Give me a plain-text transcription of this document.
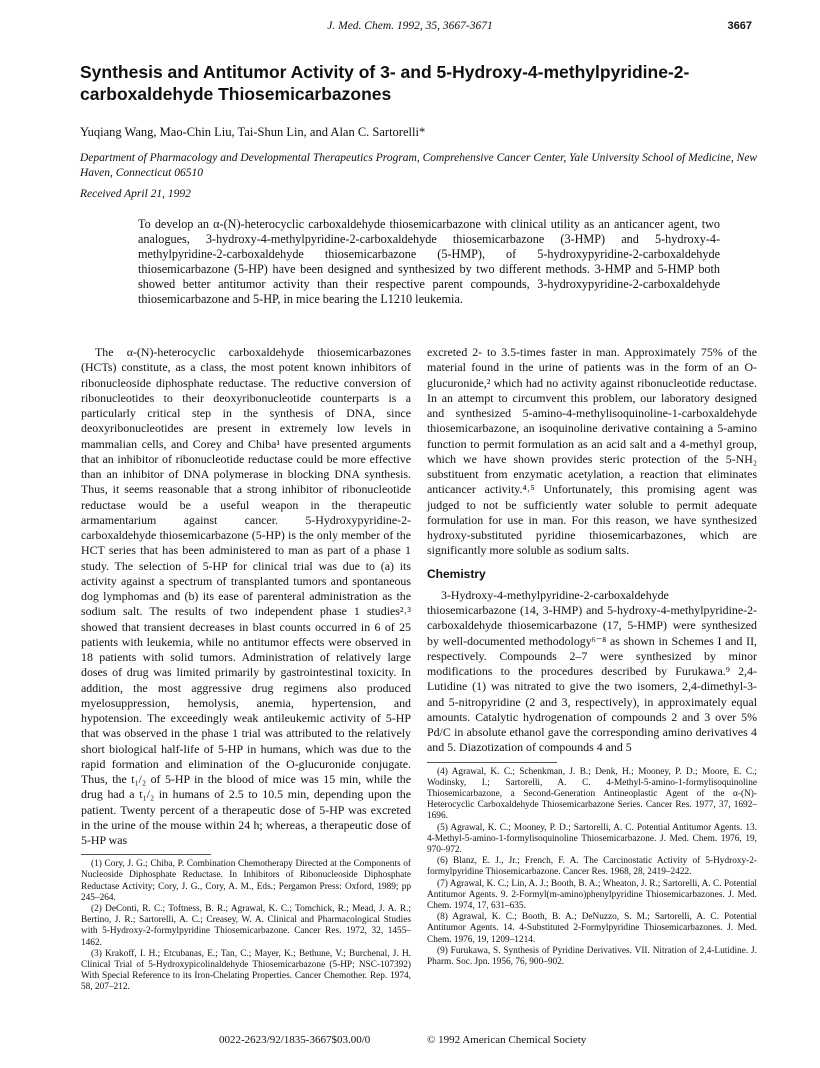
J. Med. Chem. 1992, 35, 3667-3671	3667
Synthesis and Antitumor Activity of 3- and 5-Hydroxy-4-methylpyridine-2-carboxaldehyde Thiosemicarbazones
Yuqiang Wang, Mao-Chin Liu, Tai-Shun Lin, and Alan C. Sartorelli*
Department of Pharmacology and Developmental Therapeutics Program, Comprehensive Cancer Center, Yale University School of Medicine, New Haven, Connecticut 06510
Received April 21, 1992

To develop an α-(N)-heterocyclic carboxaldehyde thiosemicarbazone with clinical utility as an anticancer agent, two analogues, 3-hydroxy-4-methylpyridine-2-carboxaldehyde thiosemicarbazone (3-HMP) and 5-hydroxy-4-methylpyridine-2-carboxaldehyde thiosemicarbazone (5-HMP), of 5-hydroxypyridine-2-carboxaldehyde thiosemicarbazone (5-HP) have been designed and synthesized by two different methods. 3-HMP and 5-HMP both showed better antitumor activity than their respective parent compounds, 3-hydroxypyridine-2-carboxaldehyde thiosemicarbazone and 5-HP, in mice bearing the L1210 leukemia.

The α-(N)-heterocyclic carboxaldehyde thiosemicarbazones (HCTs) constitute, as a class, the most potent known inhibitors of ribonucleoside diphosphate reductase. The reductive conversion of ribonucleotides to their deoxyribonucleotide counterparts is a particularly critical step in the synthesis of DNA, since deoxyribonucleotides are present in extremely low levels in mammalian cells, and Corey and Chiba¹ have presented arguments that an inhibitor of ribonucleotide reductase could be more effective than an inhibitor of DNA polymerase in blocking DNA synthesis. Thus, it seems reasonable that a strong inhibitor of ribonucleotide reductase would be a useful weapon in the therapeutic armamentarium against cancer. 5-Hydroxypyridine-2-carboxaldehyde thiosemicarbazone (5-HP) is the only member of the HCT series that has been administered to man as part of a phase 1 study. The selection of 5-HP for clinical trial was due to (a) its activity against a spectrum of transplanted tumors and spontaneous dog lymphomas and (b) its ease of parenteral administration as the sodium salt. The results of two independent phase 1 studies²˒³ showed that transient decreases in blast counts occurred in 6 of 25 patients with leukemia, while no antitumor effects were observed in 18 patients with solid tumors. Administration of relatively large doses of drug was limited primarily by gastrointestinal toxicity. In addition, the most aggressive drug regimens also produced myelosuppression, hemolysis, anemia, hypertension, and hypotension. The exceedingly weak antileukemic activity of 5-HP that was observed in the phase 1 trial was attributed to the relatively short biological half-life of 5-HP in humans, which was due to the rapid formation and elimination of the O-glucuronide conjugate. Thus, the t₁/₂ of 5-HP in the blood of mice was 15 min, while the drug had a t₁/₂ in humans of 2.5 to 10.5 min, depending upon the patient. Twenty percent of a therapeutic dose of 5-HP was excreted in the urine of the mouse within 24 h; whereas, a therapeutic dose of 5-HP was

(1) Cory, J. G.; Chiba, P. Combination Chemotherapy Directed at the Components of Nucleoside Diphosphate Reductase. In Inhibitors of Ribonucleoside Diphosphate Reductase Activity; Cory, J. G., Cory, A. M., Eds.; Pergamon Press: Oxford, 1989; pp 245–264.

(2) DeConti, R. C.; Toftness, B. R.; Agrawal, K. C.; Tomchick, R.; Mead, J. A. R.; Bertino, J. R.; Sartorelli, A. C.; Creasey, W. A. Clinical and Pharmacological Studies with 5-Hydroxy-2-formylpyridine Thiosemicarbazone. Cancer Res. 1972, 32, 1455–1462.

(3) Krakoff, I. H.; Etcubanas, E.; Tan, C.; Mayer, K.; Bethune, V.; Burchenal, J. H. Clinical Trial of 5-Hydroxypicolinaldehyde Thiosemicarbazone (5-HP; NSC-107392) With Special Reference to its Iron-Chelating Properties. Cancer Chemother. Rep. 1974, 58, 207–212.

excreted 2- to 3.5-times faster in man. Approximately 75% of the material found in the urine of patients was in the form of an O-glucuronide,² which had no activity against ribonucleotide reductase. In an attempt to circumvent this problem, our laboratory designed and synthesized 5-amino-4-methylisoquinoline-1-carboxaldehyde thiosemicarbazone, an isoquinoline derivative containing a 5-amino function to permit formulation as an acid salt and a 4-methyl group, which we have shown provides steric protection of the 5-NH₂ substituent from enzymatic acetylation, a reaction that eliminates anticancer activity.⁴˒⁵ Unfortunately, this promising agent was judged to not be sufficiently water soluble to permit adequate formulation for use in man. For this reason, we have synthesized hydroxy-substituted pyridine thiosemicarbazones, which are significantly more soluble as sodium salts.

Chemistry

3-Hydroxy-4-methylpyridine-2-carboxaldehyde thiosemicarbazone (14, 3-HMP) and 5-hydroxy-4-methylpyridine-2-carboxaldehyde thiosemicarbazone (17, 5-HMP) were synthesized by well-documented methodology⁶⁻⁸ as shown in Schemes I and II, respectively. Compounds 2–7 were synthesized by minor modifications to the procedures described by Furukawa.⁹ 2,4-Lutidine (1) was nitrated to give the two isomers, 2,4-dimethyl-3- and 5-nitropyridine (2 and 3, respectively), in approximately equal amounts. Catalytic hydrogenation of compounds 2 and 3 over 5% Pd/C in absolute ethanol gave the corresponding amino derivatives 4 and 5. Diazotization of compounds 4 and 5

(4) Agrawal, K. C.; Schenkman, J. B.; Denk, H.; Mooney, P. D.; Moore, E. C.; Wodinsky, I.; Sartorelli, A. C. 4-Methyl-5-amino-1-formylisoquinoline Thiosemicarbazone, a Second-Generation Antineoplastic Agent of the α-(N)-Heterocyclic Carboxaldehyde Thiosemicarbazone Series. Cancer Res. 1977, 37, 1692–1696.

(5) Agrawal, K. C.; Mooney, P. D.; Sartorelli, A. C. Potential Antitumor Agents. 13. 4-Methyl-5-amino-1-formylisoquinoline Thiosemicarbazone. J. Med. Chem. 1976, 19, 970–972.

(6) Blanz, E. J., Jr.; French, F. A. The Carcinostatic Activity of 5-Hydroxy-2-formylpyridine Thiosemicarbazone. Cancer Res. 1968, 28, 2419–2422.

(7) Agrawal, K. C.; Lin, A. J.; Booth, B. A.; Wheaton, J. R.; Sartorelli, A. C. Potential Antitumor Agents. 9. 2-Formyl(m-amino)phenylpyridine Thiosemicarbazones. J. Med. Chem. 1974, 17, 631–635.

(8) Agrawal, K. C.; Booth, B. A.; DeNuzzo, S. M.; Sartorelli, A. C. Potential Antitumor Agents. 14. 4-Substituted 2-Formylpyridine Thiosemicarbazones. J. Med. Chem. 1976, 19, 1209–1214.

(9) Furukawa, S. Synthesis of Pyridine Derivatives. VII. Nitration of 2,4-Lutidine. J. Pharm. Soc. Jpn. 1956, 76, 900–902.

0022-2623/92/1835-3667$03.00/0	© 1992 American Chemical Society
